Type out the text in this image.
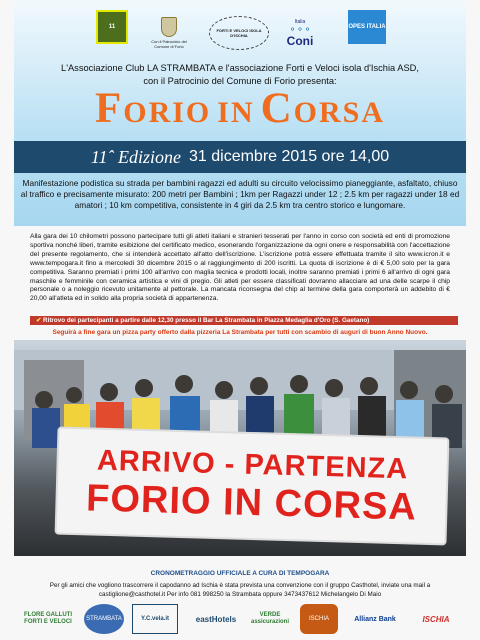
11
Con il Patrocinio del Comune di Forio
FORTI E VELOCI ISOLA D'ISCHIA
Italia
⚬⚬⚬
Coni
OPES ITALIA
L'Associazione Club LA STRAMBATA e l'associazione Forti e Veloci isola d'Ischia ASD,
con il Patrocinio del Comune di Forio presenta:
FORIO IN CORSA
11ˆ Edizione 31 dicembre 2015 ore 14,00
Manifestazione podistica su strada per bambini ragazzi ed adulti su circuito velocissimo pianeggiante, asfaltato, chiuso al traffico e precisamente misurato: 200 metri per Bambini ; 1km per Ragazzi under 12 ; 2.5 km per ragazzi under 18 ed amatori ; 10 km competitiva, consistente in 4 giri da 2.5 km tra centro storico e lungomare.
Alla gara dei 10 chilometri possono partecipare tutti gli atleti italiani e stranieri tesserati per l'anno in corso con società ed enti di promozione sportiva nonché liberi, tramite esibizione del certificato medico, esonerando l'organizzazione da ogni onere e responsabilità con l'accettazione del presente regolamento, che si intenderà accettato all'atto dell'iscrizione. L'iscrizione potrà essere effettuata tramite il sito www.icron.it e www.tempogara.it fino a mercoledì 30 dicembre 2015 o al raggiungimento di 200 iscritti. La quota di iscrizione è di € 5,00 solo per la gara competitiva. Saranno premiati i primi 100 all'arrivo con maglia tecnica e prodotti locali, inoltre saranno premiati i primi 6 all'arrivo di ogni gara maschile e femminile con ceramica artistica e vini di pregio. Gli atleti per essere classificati dovranno allacciare ad una delle scarpe il chip personale o a noleggio ricevuto unitamente al pettorale. La mancata riconsegna del chip al termine della gara comporterà un addebito di € 20,00 all'atleta ed in solido alla propria società di appartenenza.
✔ Ritrovo dei partecipanti a partire dalle 12,30 presso il Bar La Strambata in Piazza Medaglia d'Oro (S. Gaetano)
Seguirà a fine gara un pizza party offerto dalla pizzeria La Strambata per tutti con scambio di auguri di buon Anno Nuovo.
ARRIVO - PARTENZA
FORIO IN CORSA
CRONOMETRAGGIO UFFICIALE A CURA DI TEMPOGARA
Per gli amici che vogliono trascorrere il capodanno ad Ischia è stata prevista una convenzione con il gruppo Casthotel, inviate una mail a castiglione@casthotel.it Per info 081 998250 la Strambata oppure 3473437612 Michelangelo Di Maio
FLORE GALLUTI FORTI E VELOCI
STRAMBATA	Y.C.vela.it	eastHotels	VERDE assicurazioni
ISCHIA	Allianz Bank	ISCHIA
